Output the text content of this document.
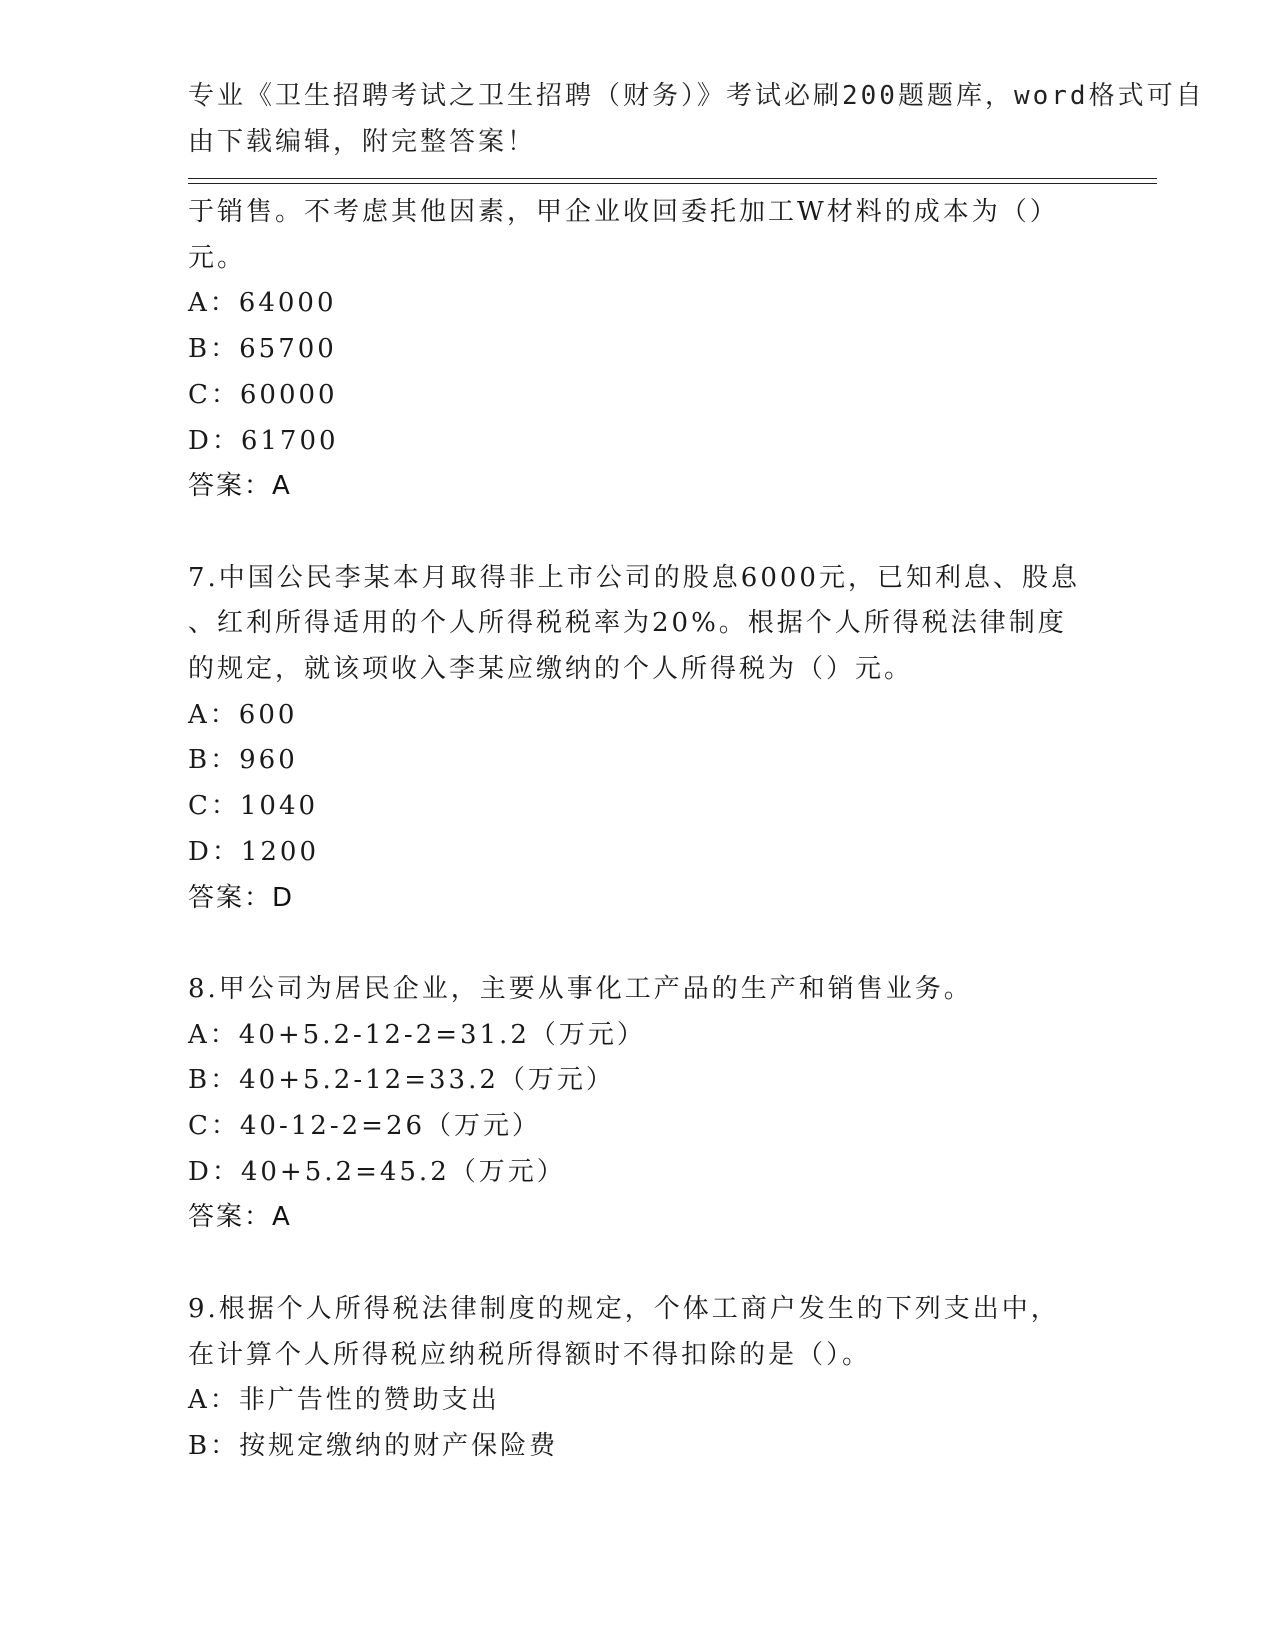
专业《卫生招聘考试之卫生招聘（财务）》考试必刷200题题库，word格式可自
由下载编辑，附完整答案！
于销售。不考虑其他因素，甲企业收回委托加工W材料的成本为（）
元。
A：64000
B：65700
C：60000
D：61700
答案：A
7.中国公民李某本月取得非上市公司的股息6000元，已知利息、股息
、红利所得适用的个人所得税税率为20%。根据个人所得税法律制度
的规定，就该项收入李某应缴纳的个人所得税为（）元。
A：600
B：960
C：1040
D：1200
答案：D
8.甲公司为居民企业，主要从事化工产品的生产和销售业务。
A：40+5.2-12-2=31.2（万元）
B：40+5.2-12=33.2（万元）
C：40-12-2=26（万元）
D：40+5.2=45.2（万元）
答案：A
9.根据个人所得税法律制度的规定，个体工商户发生的下列支出中，
在计算个人所得税应纳税所得额时不得扣除的是（）。
A：非广告性的赞助支出
B：按规定缴纳的财产保险费
